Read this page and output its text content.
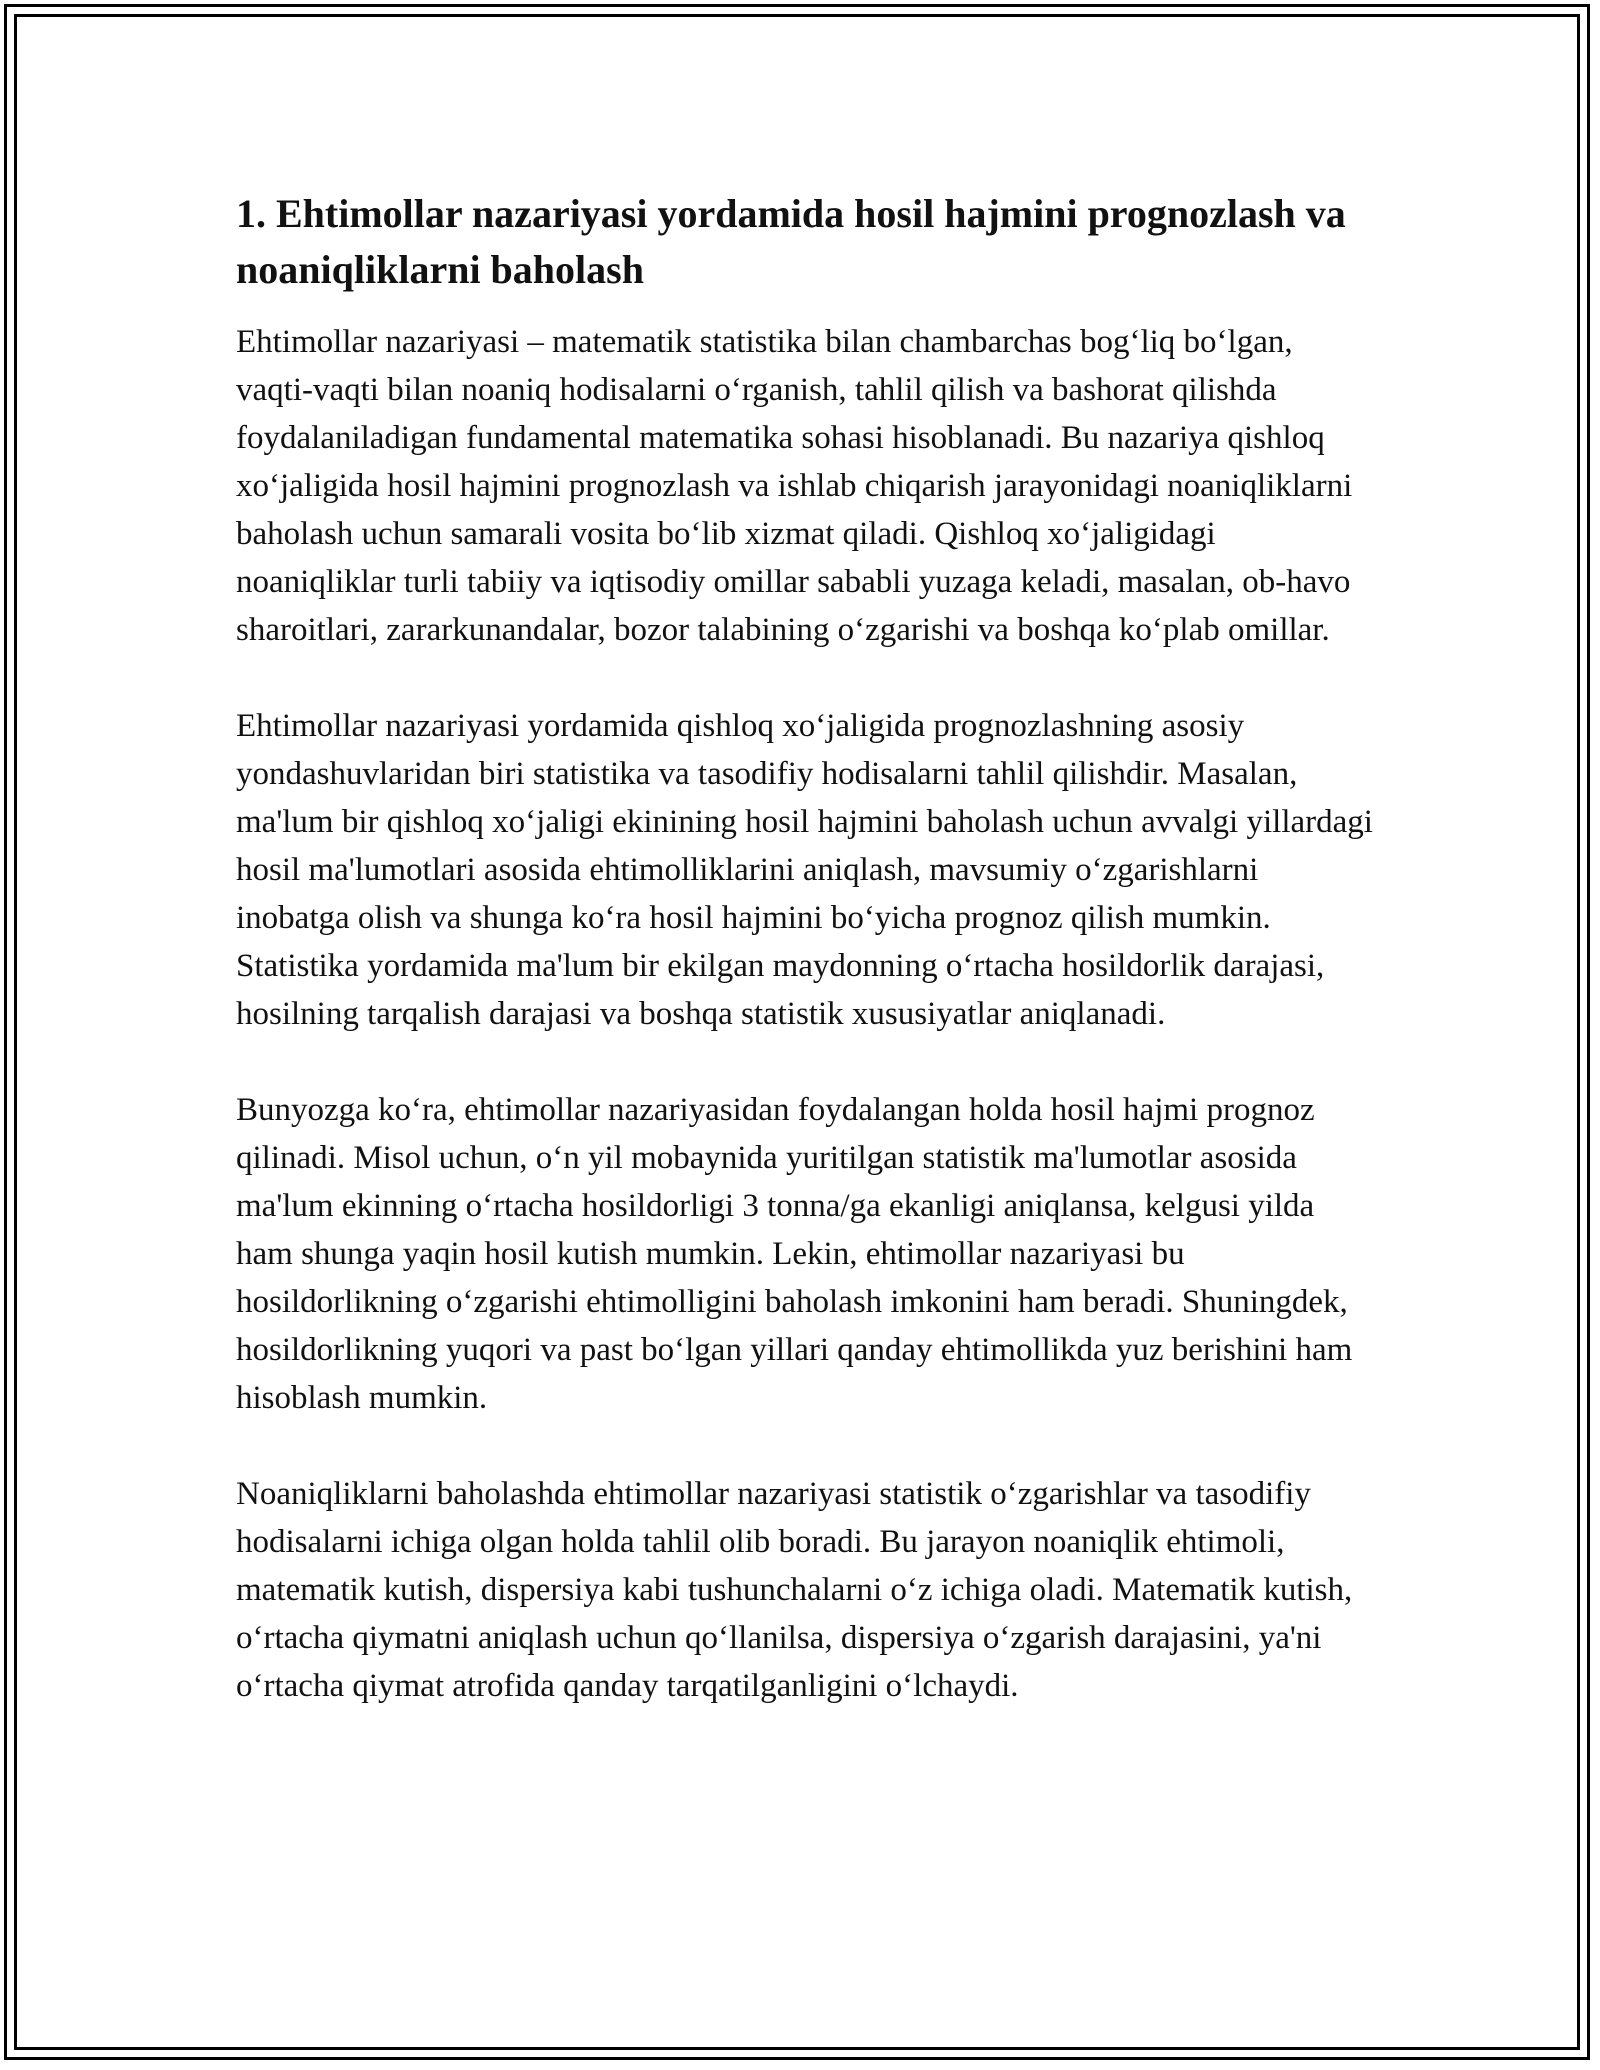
1. Ehtimollar nazariyasi yordamida hosil hajmini prognozlash va noaniqliklarni baholash

Ehtimollar nazariyasi – matematik statistika bilan chambarchas bog‘liq bo‘lgan, vaqti-vaqti bilan noaniq hodisalarni o‘rganish, tahlil qilish va bashorat qilishda foydalaniladigan fundamental matematika sohasi hisoblanadi. Bu nazariya qishloq xo‘jaligida hosil hajmini prognozlash va ishlab chiqarish jarayonidagi noaniqliklarni baholash uchun samarali vosita bo‘lib xizmat qiladi. Qishloq xo‘jaligidagi noaniqliklar turli tabiiy va iqtisodiy omillar sababli yuzaga keladi, masalan, ob-havo sharoitlari, zararkunandalar, bozor talabining o‘zgarishi va boshqa ko‘plab omillar.

Ehtimollar nazariyasi yordamida qishloq xo‘jaligida prognozlashning asosiy yondashuvlaridan biri statistika va tasodifiy hodisalarni tahlil qilishdir. Masalan, ma'lum bir qishloq xo‘jaligi ekinining hosil hajmini baholash uchun avvalgi yillardagi hosil ma'lumotlari asosida ehtimolliklarini aniqlash, mavsumiy o‘zgarishlarni inobatga olish va shunga ko‘ra hosil hajmini bo‘yicha prognoz qilish mumkin. Statistika yordamida ma'lum bir ekilgan maydonning o‘rtacha hosildorlik darajasi, hosilning tarqalish darajasi va boshqa statistik xususiyatlar aniqlanadi.

Bunyozga ko‘ra, ehtimollar nazariyasidan foydalangan holda hosil hajmi prognoz qilinadi. Misol uchun, o‘n yil mobaynida yuritilgan statistik ma'lumotlar asosida ma'lum ekinning o‘rtacha hosildorligi 3 tonna/ga ekanligi aniqlansa, kelgusi yilda ham shunga yaqin hosil kutish mumkin. Lekin, ehtimollar nazariyasi bu hosildorlikning o‘zgarishi ehtimolligini baholash imkonini ham beradi. Shuningdek, hosildorlikning yuqori va past bo‘lgan yillari qanday ehtimollikda yuz berishini ham hisoblash mumkin.

Noaniqliklarni baholashda ehtimollar nazariyasi statistik o‘zgarishlar va tasodifiy hodisalarni ichiga olgan holda tahlil olib boradi. Bu jarayon noaniqlik ehtimoli, matematik kutish, dispersiya kabi tushunchalarni o‘z ichiga oladi. Matematik kutish, o‘rtacha qiymatni aniqlash uchun qo‘llanilsa, dispersiya o‘zgarish darajasini, ya'ni o‘rtacha qiymat atrofida qanday tarqatilganligini o‘lchaydi.
